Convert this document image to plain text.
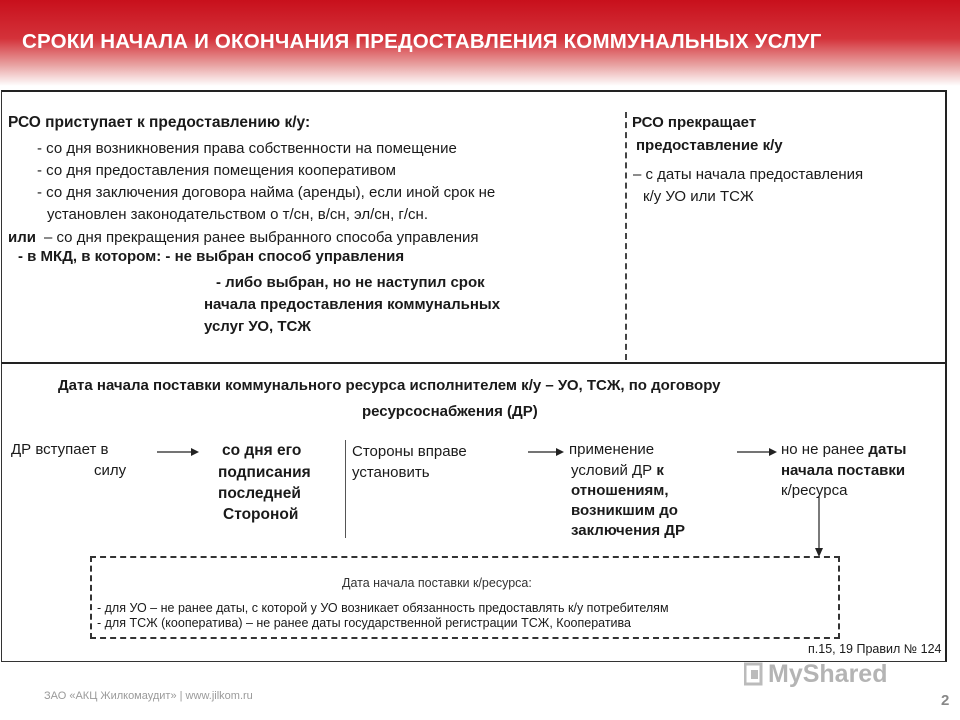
СРОКИ НАЧАЛА И ОКОНЧАНИЯ ПРЕДОСТАВЛЕНИЯ КОММУНАЛЬНЫХ УСЛУГ
РСО приступает к предоставлению к/у:
- со дня возникновения права собственности на помещение
- со дня предоставления помещения кооперативом
- со дня заключения договора найма (аренды), если иной срок не
установлен законодательством о т/сн, в/сн, эл/сн, г/сн.
или – со дня прекращения ранее выбранного способа управления
- в МКД, в котором: - не выбран способ управления
- либо выбран, но не наступил срок
начала предоставления коммунальных
услуг УО, ТСЖ
РСО прекращает
предоставление к/у
– с даты начала предоставления
к/у УО или ТСЖ
Дата начала поставки коммунального ресурса исполнителем к/у – УО, ТСЖ, по договору
ресурсоснабжения (ДР)
ДР вступает в
силу
со дня его
подписания
последней
Стороной
Стороны вправе
установить
применение
условий ДР к
отношениям,
возникшим до
заключения ДР
но не ранее даты
начала поставки
к/ресурса
Дата начала поставки к/ресурса:
- для УО – не ранее даты, с которой у УО возникает обязанность предоставлять к/у потребителям
- для ТСЖ (кооператива) – не ранее даты государственной регистрации ТСЖ, Кооператива
п.15, 19 Правил № 124
ЗАО «АКЦ Жилкомаудит» | www.jilkom.ru
MyShared
2
